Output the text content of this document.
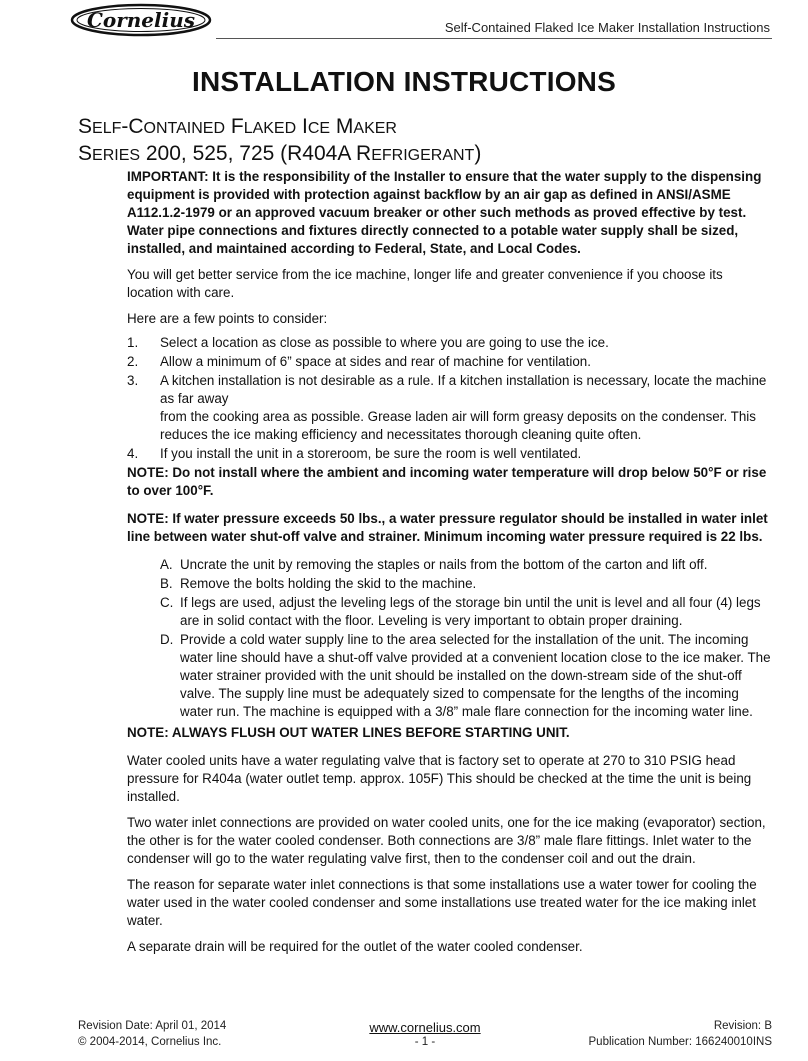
Cornelius	Self-Contained Flaked Ice Maker Installation Instructions
INSTALLATION INSTRUCTIONS
SELF-CONTAINED FLAKED ICE MAKER
SERIES 200, 525, 725 (R404A REFRIGERANT)

IMPORTANT: It is the responsibility of the Installer to ensure that the water supply to the dispensing equipment is provided with protection against backflow by an air gap as defined in ANSI/ASME A112.1.2-1979 or an approved vacuum breaker or other such methods as proved effective by test.

Water pipe connections and fixtures directly connected to a potable water supply shall be sized, installed, and maintained according to Federal, State, and Local Codes.

You will get better service from the ice machine, longer life and greater convenience if you choose its location with care.

Here are a few points to consider:

1. Select a location as close as possible to where you are going to use the ice.
2. Allow a minimum of 6” space at sides and rear of machine for ventilation.
3. A kitchen installation is not desirable as a rule. If a kitchen installation is necessary, locate the machine as far away
from the cooking area as possible. Grease laden air will form greasy deposits on the condenser. This reduces the ice making efficiency and necessitates thorough cleaning quite often.
4. If you install the unit in a storeroom, be sure the room is well ventilated.

NOTE: Do not install where the ambient and incoming water temperature will drop below 50°F or rise to over 100°F.

NOTE: If water pressure exceeds 50 lbs., a water pressure regulator should be installed in water inlet line between water shut-off valve and strainer. Minimum incoming water pressure required is 22 lbs.

A. Uncrate the unit by removing the staples or nails from the bottom of the carton and lift off.
B. Remove the bolts holding the skid to the machine.
C. If legs are used, adjust the leveling legs of the storage bin until the unit is level and all four (4) legs are in solid contact with the floor. Leveling is very important to obtain proper draining.
D. Provide a cold water supply line to the area selected for the installation of the unit. The incoming water line should have a shut-off valve provided at a convenient location close to the ice maker. The water strainer provided with the unit should be installed on the down-stream side of the shut-off valve. The supply line must be adequately sized to compensate for the lengths of the incoming water run. The machine is equipped with a 3/8” male flare connection for the incoming water line.

NOTE: ALWAYS FLUSH OUT WATER LINES BEFORE STARTING UNIT.

Water cooled units have a water regulating valve that is factory set to operate at 270 to 310 PSIG head pressure for R404a (water outlet temp. approx. 105F) This should be checked at the time the unit is being installed.

Two water inlet connections are provided on water cooled units, one for the ice making (evaporator) section, the other is for the water cooled condenser. Both connections are 3/8” male flare fittings. Inlet water to the condenser will go to the water regulating valve first, then to the condenser coil and out the drain.

The reason for separate water inlet connections is that some installations use a water tower for cooling the water used in the water cooled condenser and some installations use treated water for the ice making inlet water.

A separate drain will be required for the outlet of the water cooled condenser.

Revision Date: April 01, 2014	www.cornelius.com	Revision: B
© 2004-2014, Cornelius Inc.	- 1 -	Publication Number: 166240010INS
